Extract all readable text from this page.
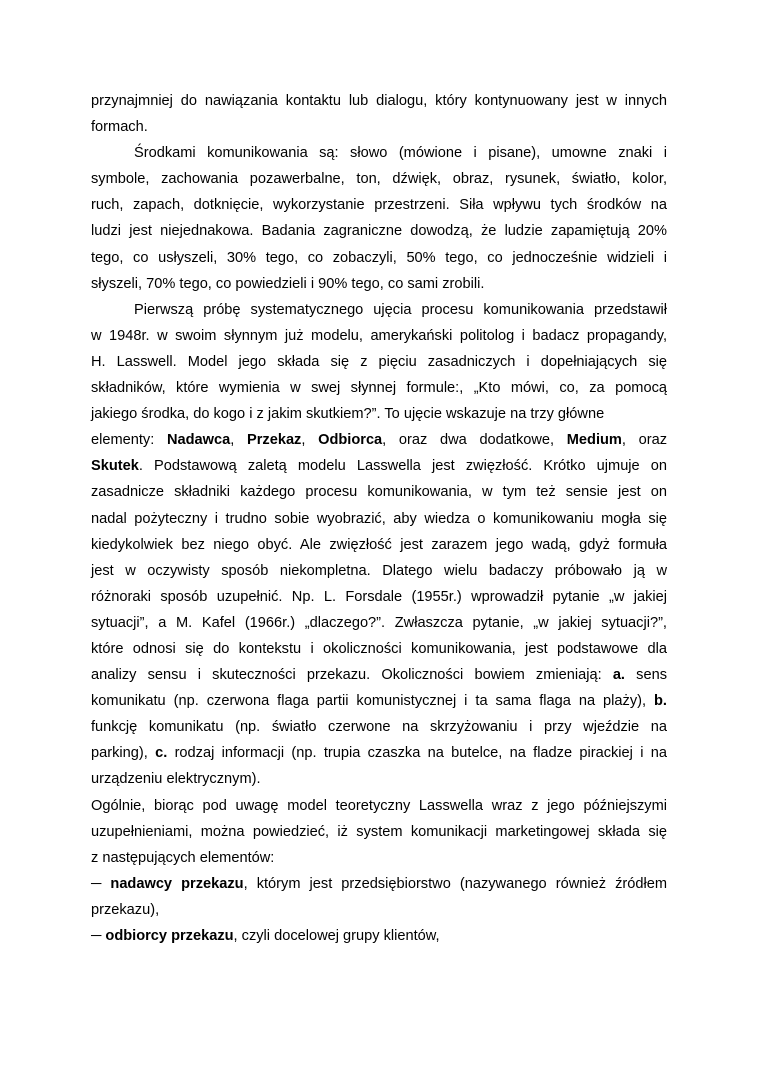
przynajmniej do nawiązania kontaktu lub dialogu, który kontynuowany jest w innych

formach.

Środkami komunikowania są: słowo (mówione i pisane), umowne znaki i

symbole, zachowania pozawerbalne, ton, dźwięk, obraz, rysunek, światło, kolor,

ruch, zapach, dotknięcie, wykorzystanie przestrzeni. Siła wpływu tych środków na

ludzi jest niejednakowa. Badania zagraniczne dowodzą, że ludzie zapamiętują 20%

tego, co usłyszeli, 30% tego, co zobaczyli, 50% tego, co jednocześnie widzieli i

słyszeli, 70% tego, co powiedzieli i 90% tego, co sami zrobili.

Pierwszą próbę systematycznego ujęcia procesu komunikowania przedstawił

w 1948r. w swoim słynnym już modelu, amerykański politolog i badacz propagandy,

H. Lasswell. Model jego składa się z pięciu zasadniczych i dopełniających się

składników, które wymienia w swej słynnej formule:, „Kto mówi, co, za pomocą

jakiego środka, do kogo i z jakim skutkiem?”. To ujęcie wskazuje na trzy główne

elementy: Nadawca, Przekaz, Odbiorca, oraz dwa dodatkowe, Medium, oraz

Skutek. Podstawową zaletą modelu Lasswella jest zwięzłość. Krótko ujmuje on

zasadnicze składniki każdego procesu komunikowania, w tym też sensie jest on

nadal pożyteczny i trudno sobie wyobrazić, aby wiedza o komunikowaniu mogła się

kiedykolwiek bez niego obyć. Ale zwięzłość jest zarazem jego wadą, gdyż formuła

jest w oczywisty sposób niekompletna. Dlatego wielu badaczy próbowało ją w

różnoraki sposób uzupełnić. Np. L. Forsdale (1955r.) wprowadził pytanie „w jakiej

sytuacji”, a M. Kafel (1966r.) „dlaczego?”. Zwłaszcza pytanie, „w jakiej sytuacji?”,

które odnosi się do kontekstu i okoliczności komunikowania, jest podstawowe dla

analizy sensu i skuteczności przekazu. Okoliczności bowiem zmieniają: a. sens

komunikatu (np. czerwona flaga partii komunistycznej i ta sama flaga na plaży), b.

funkcję komunikatu (np. światło czerwone na skrzyżowaniu i przy wjeździe na

parking), c. rodzaj informacji (np. trupia czaszka na butelce, na fladze pirackiej i na

urządzeniu elektrycznym).

Ogólnie, biorąc pod uwagę model teoretyczny Lasswella wraz z jego późniejszymi

uzupełnieniami, można powiedzieć, iż system komunikacji marketingowej składa się

z następujących elementów:

─ nadawcy przekazu, którym jest przedsiębiorstwo (nazywanego również źródłem

przekazu),

─ odbiorcy przekazu, czyli docelowej grupy klientów,
